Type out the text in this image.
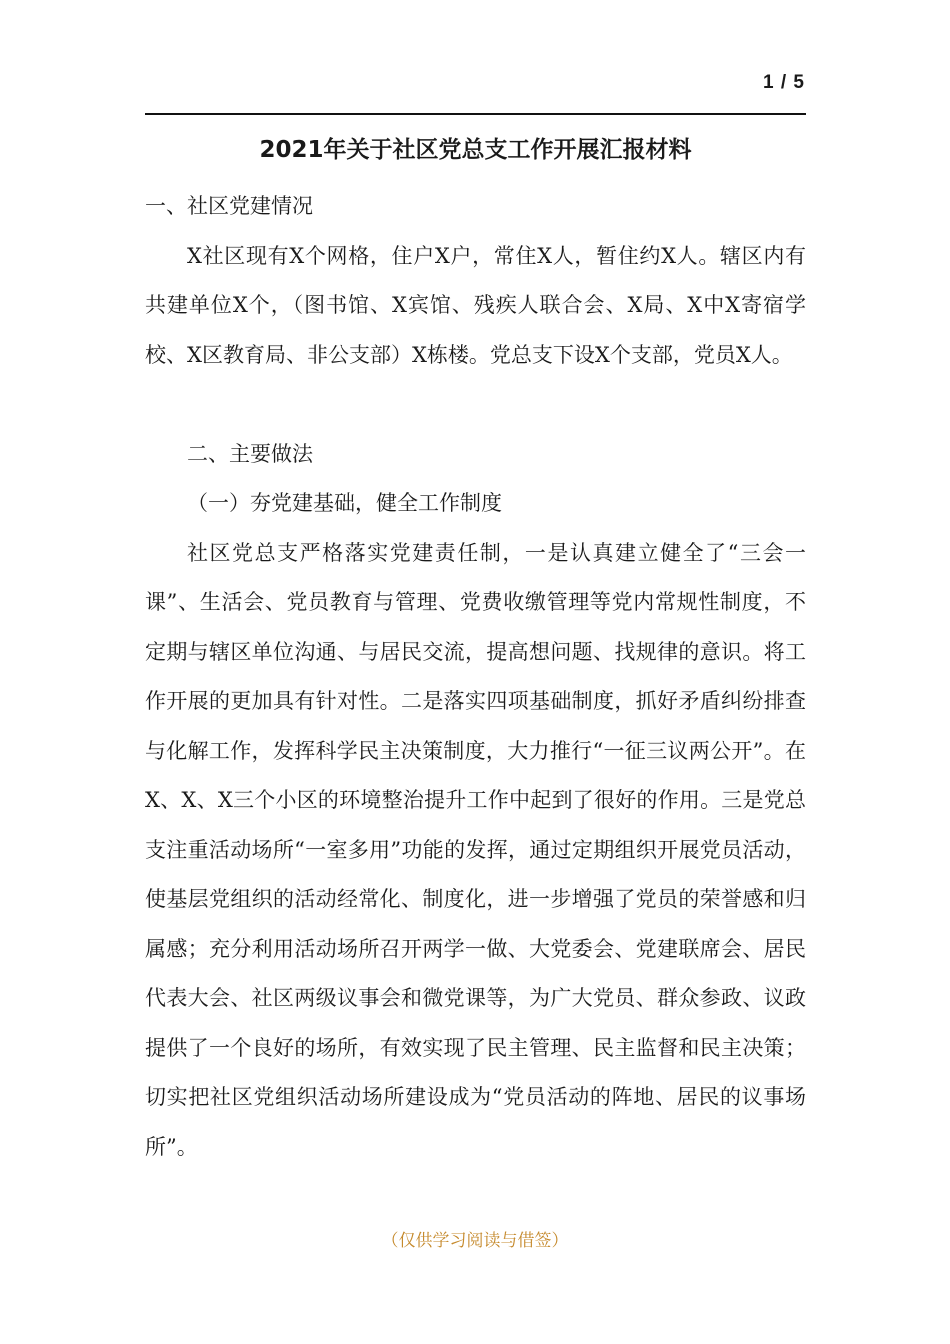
1 / 5
2021年关于社区党总支工作开展汇报材料

一、社区党建情况

X社区现有X个网格，住户X户，常住X人，暂住约X人。辖区内有共建单位X个，（图书馆、X宾馆、残疾人联合会、X局、X中X寄宿学校、X区教育局、非公支部）X栋楼。党总支下设X个支部，党员X人。

二、主要做法

（一）夯党建基础，健全工作制度

社区党总支严格落实党建责任制，一是认真建立健全了“三会一课”、生活会、党员教育与管理、党费收缴管理等党内常规性制度，不定期与辖区单位沟通、与居民交流，提高想问题、找规律的意识。将工作开展的更加具有针对性。二是落实四项基础制度，抓好矛盾纠纷排查与化解工作，发挥科学民主决策制度，大力推行“一征三议两公开”。在X、X、X三个小区的环境整治提升工作中起到了很好的作用。三是党总支注重活动场所“一室多用”功能的发挥，通过定期组织开展党员活动，使基层党组织的活动经常化、制度化，进一步增强了党员的荣誉感和归属感；充分利用活动场所召开两学一做、大党委会、党建联席会、居民代表大会、社区两级议事会和微党课等，为广大党员、群众参政、议政提供了一个良好的场所，有效实现了民主管理、民主监督和民主决策；切实把社区党组织活动场所建设成为“党员活动的阵地、居民的议事场所”。

（仅供学习阅读与借签）
